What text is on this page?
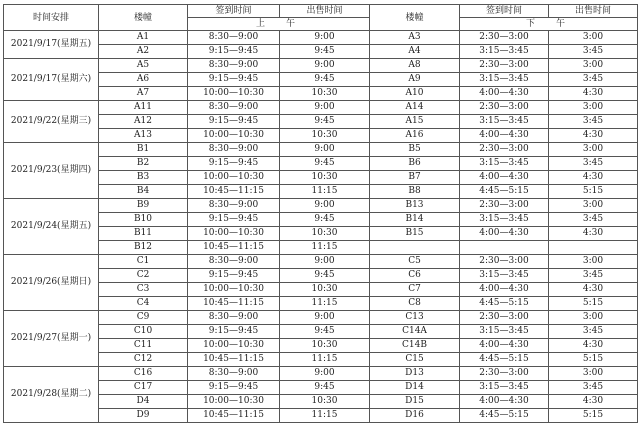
时间安排	楼幢	签到时间	出售时间	楼幢	签到时间	出售时间
		上　午			下　午	
2021/9/17(星期五)	A1	8:30—9:00	9:00	A3	2:30—3:00	3:00
	A2	9:15—9:45	9:45	A4	3:15—3:45	3:45
2021/9/17(星期六)	A5	8:30—9:00	9:00	A8	2:30—3:00	3:00
	A6	9:15—9:45	9:45	A9	3:15—3:45	3:45
	A7	10:00—10:30	10:30	A10	4:00—4:30	4:30
2021/9/22(星期三)	A11	8:30—9:00	9:00	A14	2:30—3:00	3:00
	A12	9:15—9:45	9:45	A15	3:15—3:45	3:45
	A13	10:00—10:30	10:30	A16	4:00—4:30	4:30
2021/9/23(星期四)	B1	8:30—9:00	9:00	B5	2:30—3:00	3:00
	B2	9:15—9:45	9:45	B6	3:15—3:45	3:45
	B3	10:00—10:30	10:30	B7	4:00—4:30	4:30
	B4	10:45—11:15	11:15	B8	4:45—5:15	5:15
2021/9/24(星期五)	B9	8:30—9:00	9:00	B13	2:30—3:00	3:00
	B10	9:15—9:45	9:45	B14	3:15—3:45	3:45
	B11	10:00—10:30	10:30	B15	4:00—4:30	4:30
	B12	10:45—11:15	11:15			
2021/9/26(星期日)	C1	8:30—9:00	9:00	C5	2:30—3:00	3:00
	C2	9:15—9:45	9:45	C6	3:15—3:45	3:45
	C3	10:00—10:30	10:30	C7	4:00—4:30	4:30
	C4	10:45—11:15	11:15	C8	4:45—5:15	5:15
2021/9/27(星期一)	C9	8:30—9:00	9:00	C13	2:30—3:00	3:00
	C10	9:15—9:45	9:45	C14A	3:15—3:45	3:45
	C11	10:00—10:30	10:30	C14B	4:00—4:30	4:30
	C12	10:45—11:15	11:15	C15	4:45—5:15	5:15
2021/9/28(星期二)	C16	8:30—9:00	9:00	D13	2:30—3:00	3:00
	C17	9:15—9:45	9:45	D14	3:15—3:45	3:45
	D4	10:00—10:30	10:30	D15	4:00—4:30	4:30
	D9	10:45—11:15	11:15	D16	4:45—5:15	5:15
